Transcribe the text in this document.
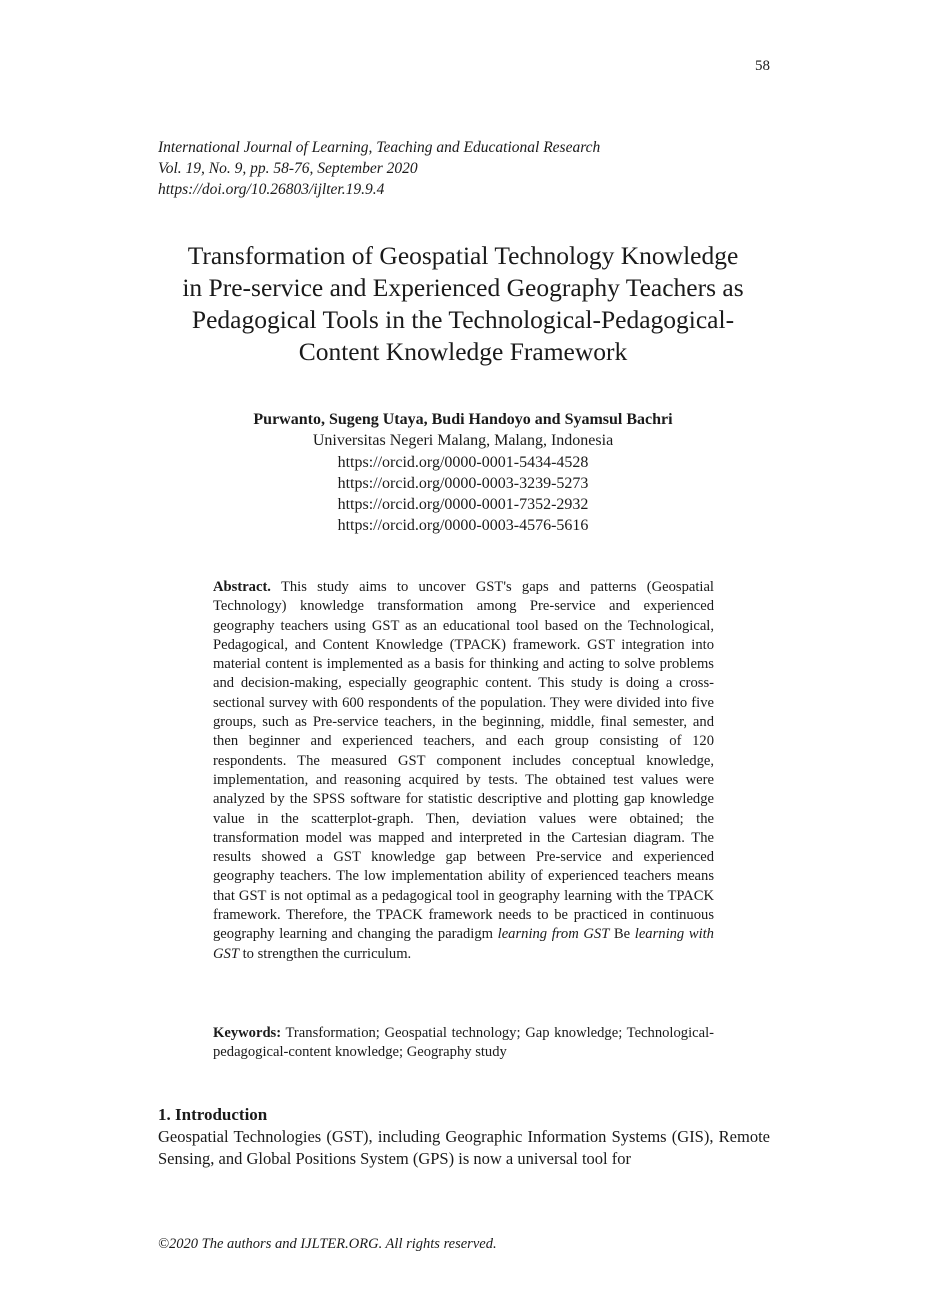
58
International Journal of Learning, Teaching and Educational Research
Vol. 19, No. 9, pp. 58-76, September 2020
https://doi.org/10.26803/ijlter.19.9.4
Transformation of Geospatial Technology Knowledge
in Pre-service and Experienced Geography Teachers as
Pedagogical Tools in the Technological-Pedagogical-
Content Knowledge Framework
Purwanto, Sugeng Utaya, Budi Handoyo and Syamsul Bachri
Universitas Negeri Malang, Malang, Indonesia
https://orcid.org/0000-0001-5434-4528
https://orcid.org/0000-0003-3239-5273
https://orcid.org/0000-0001-7352-2932
https://orcid.org/0000-0003-4576-5616
Abstract. This study aims to uncover GST's gaps and patterns (Geospatial Technology) knowledge transformation among Pre-service and experienced geography teachers using GST as an educational tool based on the Technological, Pedagogical, and Content Knowledge (TPACK) framework. GST integration into material content is implemented as a basis for thinking and acting to solve problems and decision-making, especially geographic content. This study is doing a cross-sectional survey with 600 respondents of the population. They were divided into five groups, such as Pre-service teachers, in the beginning, middle, final semester, and then beginner and experienced teachers, and each group consisting of 120 respondents. The measured GST component includes conceptual knowledge, implementation, and reasoning acquired by tests. The obtained test values were analyzed by the SPSS software for statistic descriptive and plotting gap knowledge value in the scatterplot-graph. Then, deviation values were obtained; the transformation model was mapped and interpreted in the Cartesian diagram. The results showed a GST knowledge gap between Pre-service and experienced geography teachers. The low implementation ability of experienced teachers means that GST is not optimal as a pedagogical tool in geography learning with the TPACK framework. Therefore, the TPACK framework needs to be practiced in continuous geography learning and changing the paradigm learning from GST Be learning with GST to strengthen the curriculum.
Keywords: Transformation; Geospatial technology; Gap knowledge; Technological-pedagogical-content knowledge; Geography study
1. Introduction

Geospatial Technologies (GST), including Geographic Information Systems (GIS), Remote Sensing, and Global Positions System (GPS) is now a universal tool for

©2020 The authors and IJLTER.ORG. All rights reserved.
